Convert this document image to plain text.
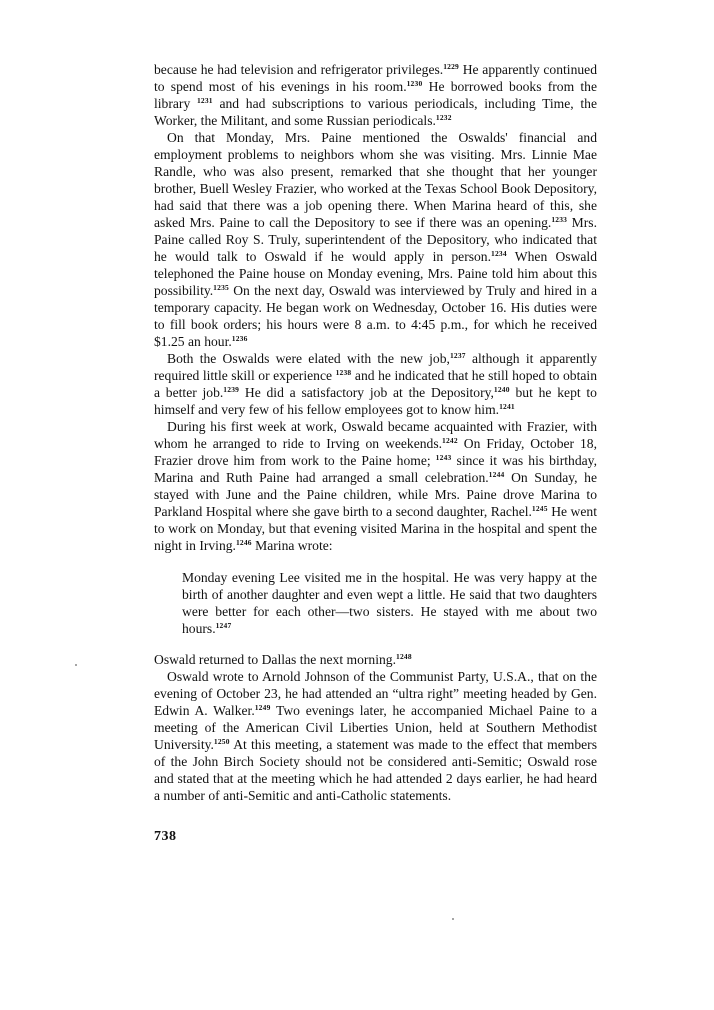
because he had television and refrigerator privileges.$^{1229}$ He apparently continued to spend most of his evenings in his room.$^{1230}$ He borrowed books from the library $^{1231}$ and had subscriptions to various periodicals, including Time, the Worker, the Militant, and some Russian periodicals.$^{1232}$

On that Monday, Mrs. Paine mentioned the Oswalds' financial and employment problems to neighbors whom she was visiting. Mrs. Linnie Mae Randle, who was also present, remarked that she thought that her younger brother, Buell Wesley Frazier, who worked at the Texas School Book Depository, had said that there was a job opening there. When Marina heard of this, she asked Mrs. Paine to call the Depository to see if there was an opening.$^{1233}$ Mrs. Paine called Roy S. Truly, superintendent of the Depository, who indicated that he would talk to Oswald if he would apply in person.$^{1234}$ When Oswald telephoned the Paine house on Monday evening, Mrs. Paine told him about this possibility.$^{1235}$ On the next day, Oswald was interviewed by Truly and hired in a temporary capacity. He began work on Wednesday, October 16. His duties were to fill book orders; his hours were 8 a.m. to 4:45 p.m., for which he received $1.25 an hour.$^{1236}$

Both the Oswalds were elated with the new job,$^{1237}$ although it apparently required little skill or experience $^{1238}$ and he indicated that he still hoped to obtain a better job.$^{1239}$ He did a satisfactory job at the Depository,$^{1240}$ but he kept to himself and very few of his fellow employees got to know him.$^{1241}$

During his first week at work, Oswald became acquainted with Frazier, with whom he arranged to ride to Irving on weekends.$^{1242}$ On Friday, October 18, Frazier drove him from work to the Paine home; $^{1243}$ since it was his birthday, Marina and Ruth Paine had arranged a small celebration.$^{1244}$ On Sunday, he stayed with June and the Paine children, while Mrs. Paine drove Marina to Parkland Hospital where she gave birth to a second daughter, Rachel.$^{1245}$ He went to work on Monday, but that evening visited Marina in the hospital and spent the night in Irving.$^{1246}$ Marina wrote:

Monday evening Lee visited me in the hospital. He was very happy at the birth of another daughter and even wept a little. He said that two daughters were better for each other—two sisters. He stayed with me about two hours.$^{1247}$

Oswald returned to Dallas the next morning.$^{1248}$

Oswald wrote to Arnold Johnson of the Communist Party, U.S.A., that on the evening of October 23, he had attended an “ultra right” meeting headed by Gen. Edwin A. Walker.$^{1249}$ Two evenings later, he accompanied Michael Paine to a meeting of the American Civil Liberties Union, held at Southern Methodist University.$^{1250}$ At this meeting, a statement was made to the effect that members of the John Birch Society should not be considered anti-Semitic; Oswald rose and stated that at the meeting which he had attended 2 days earlier, he had heard a number of anti-Semitic and anti-Catholic statements.

738
